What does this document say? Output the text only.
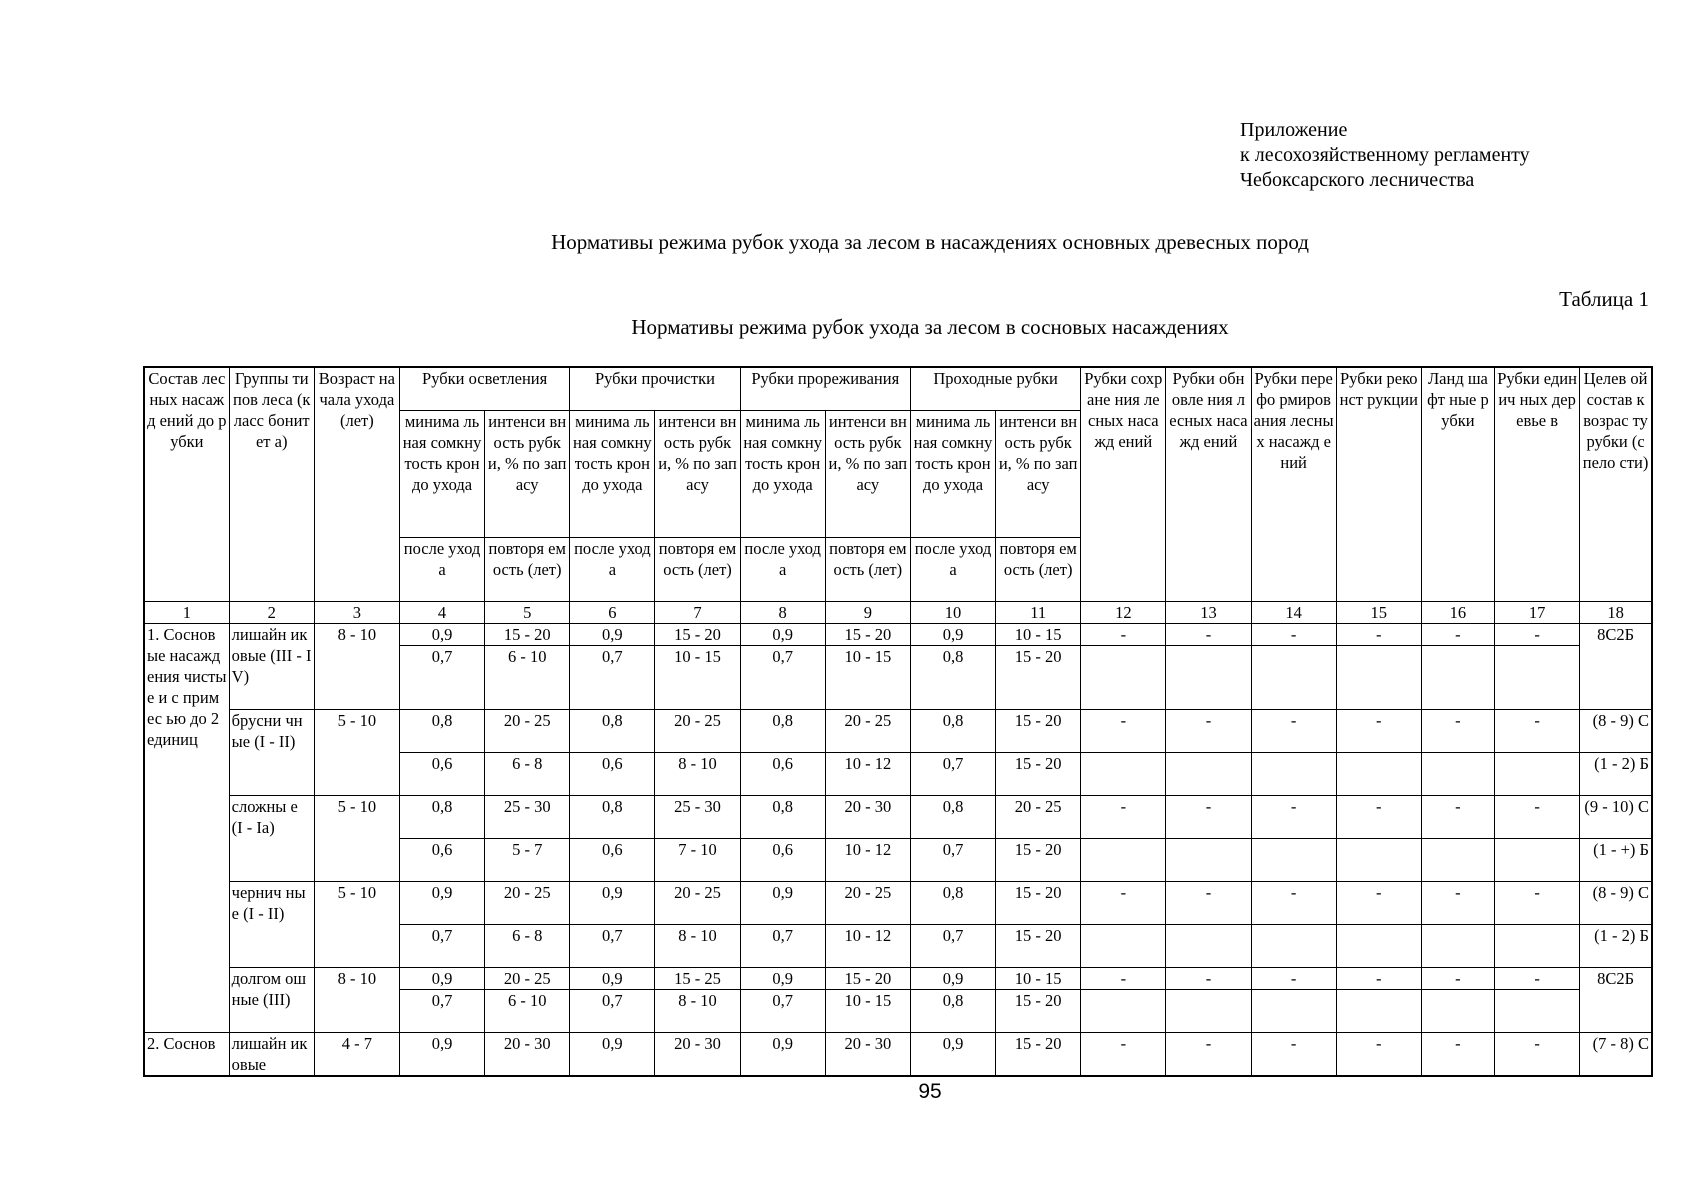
Приложение
к лесохозяйственному регламенту
Чебоксарского лесничества
Нормативы режима рубок ухода за лесом в насаждениях основных древесных пород
Таблица 1
Нормативы режима рубок ухода за лесом в сосновых насаждениях
Состав лесных насажд ений до рубки	Группы типов леса (класс бонитет а)	Возраст начала ухода (лет)	Рубки осветления		Рубки прочистки		Рубки прореживания		Проходные рубки		Рубки сохране ния лесных насажд ений	Рубки обновле ния лесных насажд ений	Рубки перефо рмиров ания лесных насажд ений	Рубки реконст рукции	Ланд шафт ные рубки	Рубки единич ных деревье в	Целев ой состав к возрас ту рубки (спело сти)
			минима льная сомкну тость крон до ухода	интенси вность рубки, % по запасу	минима льная сомкну тость крон до ухода	интенси вность рубки, % по запасу	минима льная сомкну тость крон до ухода	интенси вность рубки, % по запасу	минима льная сомкну тость крон до ухода	интенси вность рубки, % по запасу							
			после ухода	повторя емость (лет)	после ухода	повторя емость (лет)	после ухода	повторя емость (лет)	после ухода	повторя емость (лет)							
1	2	3	4	5	6	7	8	9	10	11	12	13	14	15	16	17	18
1. Соснов ые насажд ения чистые и с примес ью до 2 единиц	лишайн иковые (III - IV)	8 - 10	0,9	15 - 20	0,9	15 - 20	0,9	15 - 20	0,9	10 - 15	-	-	-	-	-	-	8С2Б
			0,7	6 - 10	0,7	10 - 15	0,7	10 - 15	0,8	15 - 20							
	брусни чные (I - II)	5 - 10	0,8	20 - 25	0,8	20 - 25	0,8	20 - 25	0,8	15 - 20	-	-	-	-	-	-	(8 - 9) С
			0,6	6 - 8	0,6	8 - 10	0,6	10 - 12	0,7	15 - 20							(1 - 2) Б
	сложны е (I - Iа)	5 - 10	0,8	25 - 30	0,8	25 - 30	0,8	20 - 30	0,8	20 - 25	-	-	-	-	-	-	(9 - 10) С
			0,6	5 - 7	0,6	7 - 10	0,6	10 - 12	0,7	15 - 20							(1 - +) Б
	чернич ные (I - II)	5 - 10	0,9	20 - 25	0,9	20 - 25	0,9	20 - 25	0,8	15 - 20	-	-	-	-	-	-	(8 - 9) С
			0,7	6 - 8	0,7	8 - 10	0,7	10 - 12	0,7	15 - 20							(1 - 2) Б
	долгом ошные (III)	8 - 10	0,9	20 - 25	0,9	15 - 25	0,9	15 - 20	0,9	10 - 15	-	-	-	-	-	-	8С2Б
			0,7	6 - 10	0,7	8 - 10	0,7	10 - 15	0,8	15 - 20							
2. Соснов	лишайн иковые	4 - 7	0,9	20 - 30	0,9	20 - 30	0,9	20 - 30	0,9	15 - 20	-	-	-	-	-	-	(7 - 8) С
95
